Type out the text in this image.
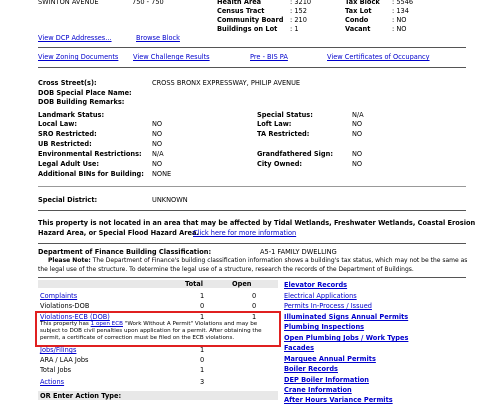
SWINTON AVENUE	750 - 750	Health Area	: 3210
Census Tract	: 152
Community Board : 210
Buildings on Lot : 1
Tax Block : 5546
Tax Lot	: 134
Condo	: NO
Vacant	: NO
View DCP Addresses...	Browse Block
View Zoning Documents View Challenge Results	Pre - BIS PA	View Certificates of Occupancy
Cross Street(s):	CROSS BRONX EXPRESSWAY, PHILIP AVENUE
DOB Special Place Name:
DOB Building Remarks:
Landmark Status:
Local Law:	NO
SRO Restricted:	NO
UB Restricted:	NO
Environmental Restrictions: N/A
Legal Adult Use:	NO
Additional BINs for Building: NONE
Special Status:	N/A
Loft Law:	NO
TA Restricted:	NO
Grandfathered Sign:	NO
City Owned:	NO
Special District:	UNKNOWN
This property is not located in an area that may be affected by Tidal Wetlands, Freshwater Wetlands, Coastal Erosion
Hazard Area, or Special Flood Hazard Area.
Click here for more information
Department of Finance Building Classification:	A5-1 FAMILY DWELLING
Please Note: The Department of Finance's building classification information shows a building's tax status, which may not be the same as
the legal use of the structure. To determine the legal use of a structure, research the records of the Department of Buildings.
Total	Open
Complaints	1	0
Violations-DOB	0	0
Violations-ECB (DOB)	1	1
This property has 1 open ECB "Work Without A Permit" Violations and may be
subject to DOB civil penalties upon application for a permit. After obtaining the
permit, a certificate of correction must be filed on the ECB violations.
Jobs/Filings	1
ARA / LAA Jobs	0
Total Jobs	1
Actions	3
OR Enter Action Type:
Elevator Records
Electrical Applications
Permits In-Process / Issued
Illuminated Signs Annual Permits
Plumbing Inspections
Open Plumbing Jobs / Work Types
Facades
Marquee Annual Permits
Boiler Records
DEP Boiler Information
Crane Information
After Hours Variance Permits
